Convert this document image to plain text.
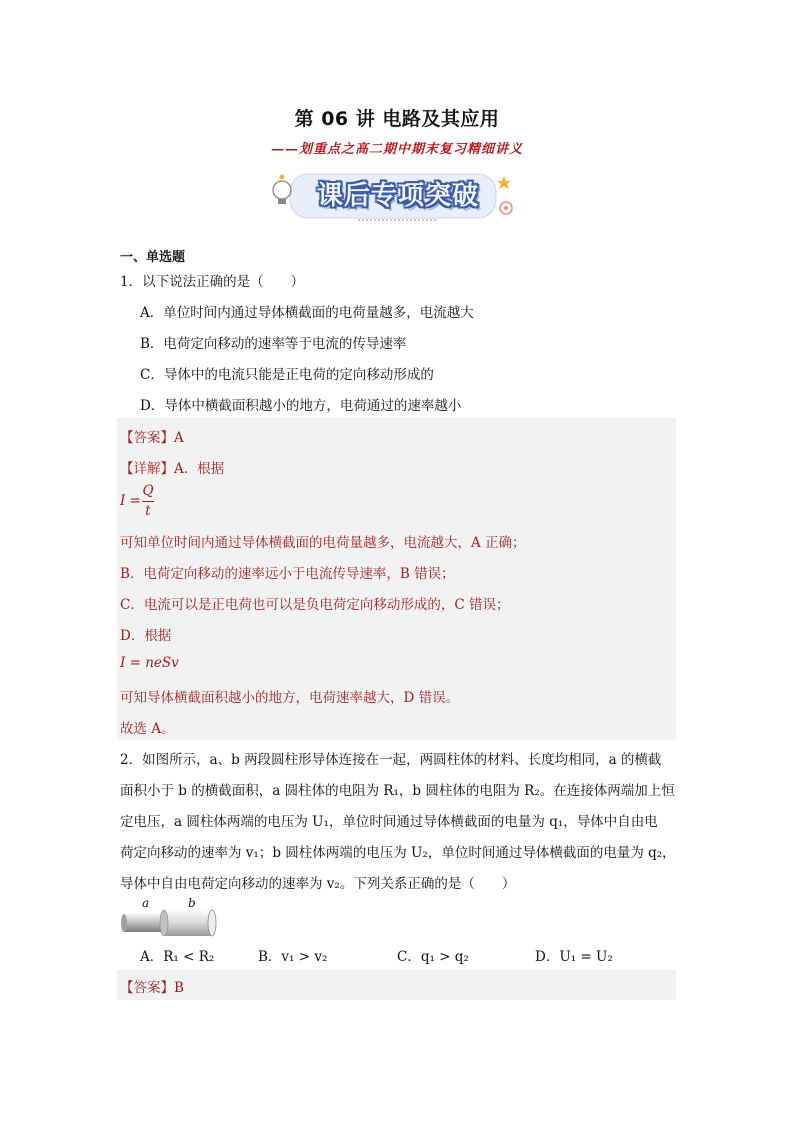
第 06 讲 电路及其应用
——划重点之高二期中期末复习精细讲义
课后专项突破
一、单选题
1．以下说法正确的是（　　）
A．单位时间内通过导体横截面的电荷量越多，电流越大
B．电荷定向移动的速率等于电流的传导速率
C．导体中的电流只能是正电荷的定向移动形成的
D．导体中横截面积越小的地方，电荷通过的速率越小
【答案】A
【详解】A．根据
I =
Q
t
可知单位时间内通过导体横截面的电荷量越多，电流越大，A 正确；
B．电荷定向移动的速率远小于电流传导速率，B 错误；
C．电流可以是正电荷也可以是负电荷定向移动形成的，C 错误；
D．根据
I = neSv
可知导体横截面积越小的地方，电荷速率越大，D 错误。
故选 A。
2．如图所示，a、b 两段圆柱形导体连接在一起，两圆柱体的材料、长度均相同，a 的横截
面积小于 b 的横截面积，a 圆柱体的电阻为 R₁，b 圆柱体的电阻为 R₂。在连接体两端加上恒
定电压，a 圆柱体两端的电压为 U₁，单位时间通过导体横截面的电量为 q₁，导体中自由电
荷定向移动的速率为 v₁；b 圆柱体两端的电压为 U₂，单位时间通过导体横截面的电量为 q₂，
导体中自由电荷定向移动的速率为 v₂。下列关系正确的是（　　）
a	b
A．R₁ < R₂	B．v₁ > v₂	C．q₁ > q₂	D．U₁ = U₂
【答案】B
